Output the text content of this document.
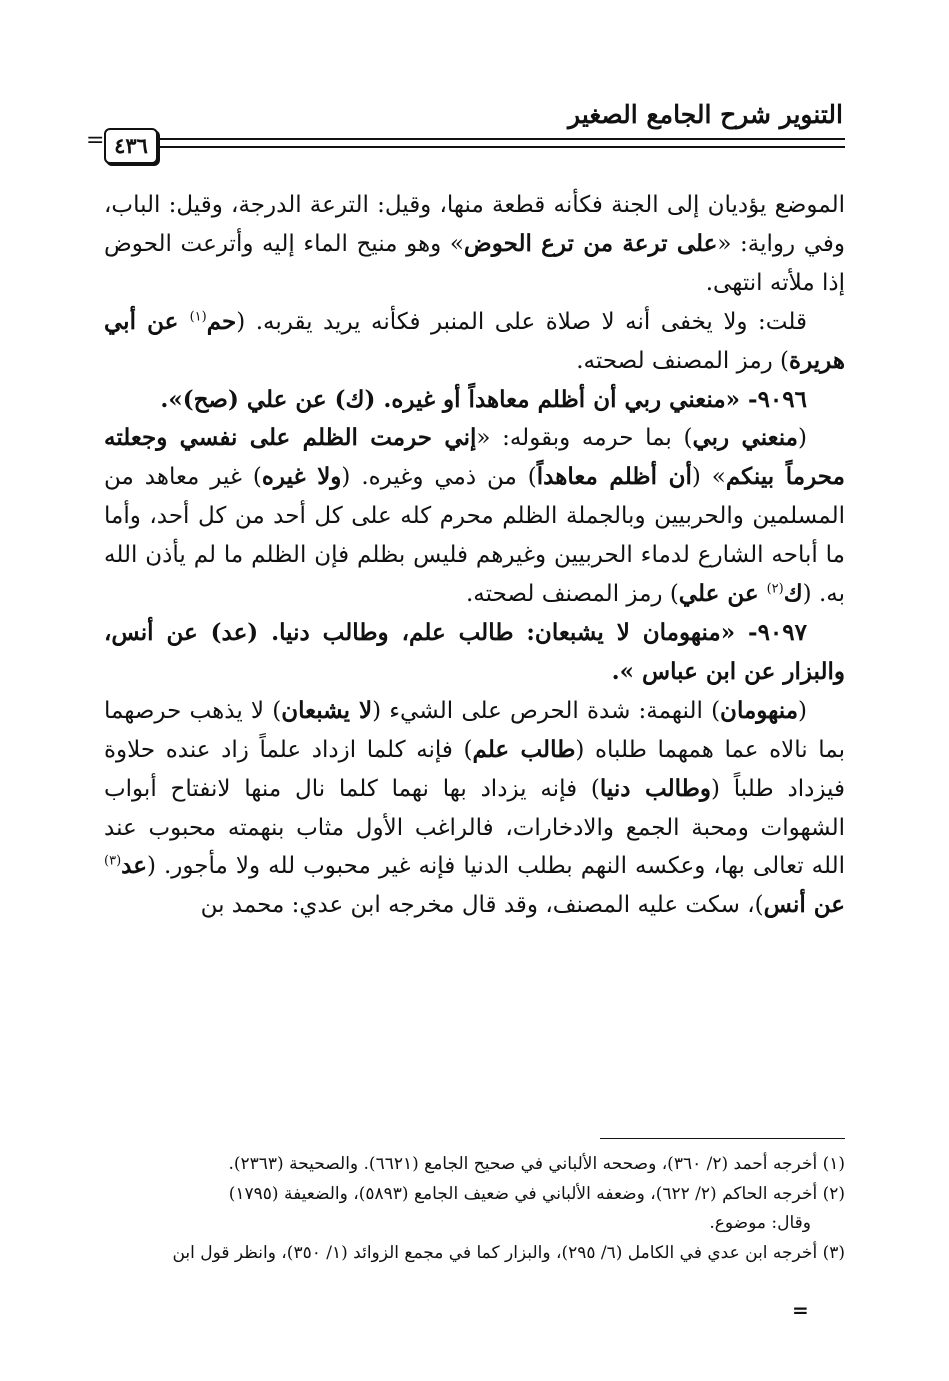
التنوير شرح الجامع الصغير
٤٣٦
=

الموضع يؤديان إلى الجنة فكأنه قطعة منها، وقيل: الترعة الدرجة، وقيل: الباب، وفي رواية: «على ترعة من ترع الحوض» وهو منيح الماء إليه وأترعت الحوض إذا ملأته انتهى.

قلت: ولا يخفى أنه لا صلاة على المنبر فكأنه يريد يقربه. (حم$^{(١)}$ عن أبي هريرة) رمز المصنف لصحته.

٩٠٩٦- «منعني ربي أن أظلم معاهداً أو غيره. (ك) عن علي (صح)».

(منعني ربي) بما حرمه وبقوله: «إني حرمت الظلم على نفسي وجعلته محرماً بينكم» (أن أظلم معاهداً) من ذمي وغيره. (ولا غيره) غير معاهد من المسلمين والحربيين وبالجملة الظلم محرم كله على كل أحد من كل أحد، وأما ما أباحه الشارع لدماء الحربيين وغيرهم فليس بظلم فإن الظلم ما لم يأذن الله به. (ك$^{(٢)}$ عن علي) رمز المصنف لصحته.

٩٠٩٧- «منهومان لا يشبعان: طالب علم، وطالب دنيا. (عد) عن أنس، والبزار عن ابن عباس ».

(منهومان) النهمة: شدة الحرص على الشيء (لا يشبعان) لا يذهب حرصهما بما نالاه عما همهما طلباه (طالب علم) فإنه كلما ازداد علماً زاد عنده حلاوة فيزداد طلباً (وطالب دنيا) فإنه يزداد بها نهما كلما نال منها لانفتاح أبواب الشهوات ومحبة الجمع والادخارات، فالراغب الأول مثاب بنهمته محبوب عند الله تعالى بها، وعكسه النهم بطلب الدنيا فإنه غير محبوب لله ولا مأجور. (عد$^{(٣)}$ عن أنس)، سكت عليه المصنف، وقد قال مخرجه ابن عدي: محمد بن

(١) أخرجه أحمد (٢/ ٣٦٠)، وصححه الألباني في صحيح الجامع (٦٦٢١). والصحيحة (٢٣٦٣).

(٢) أخرجه الحاكم (٢/ ٦٢٢)، وضعفه الألباني في ضعيف الجامع (٥٨٩٣)، والضعيفة (١٧٩٥)

وقال: موضوع.

(٣) أخرجه ابن عدي في الكامل (٦/ ٢٩٥)، والبزار كما في مجمع الزوائد (١/ ٣٥٠)، وانظر قول ابن

=
